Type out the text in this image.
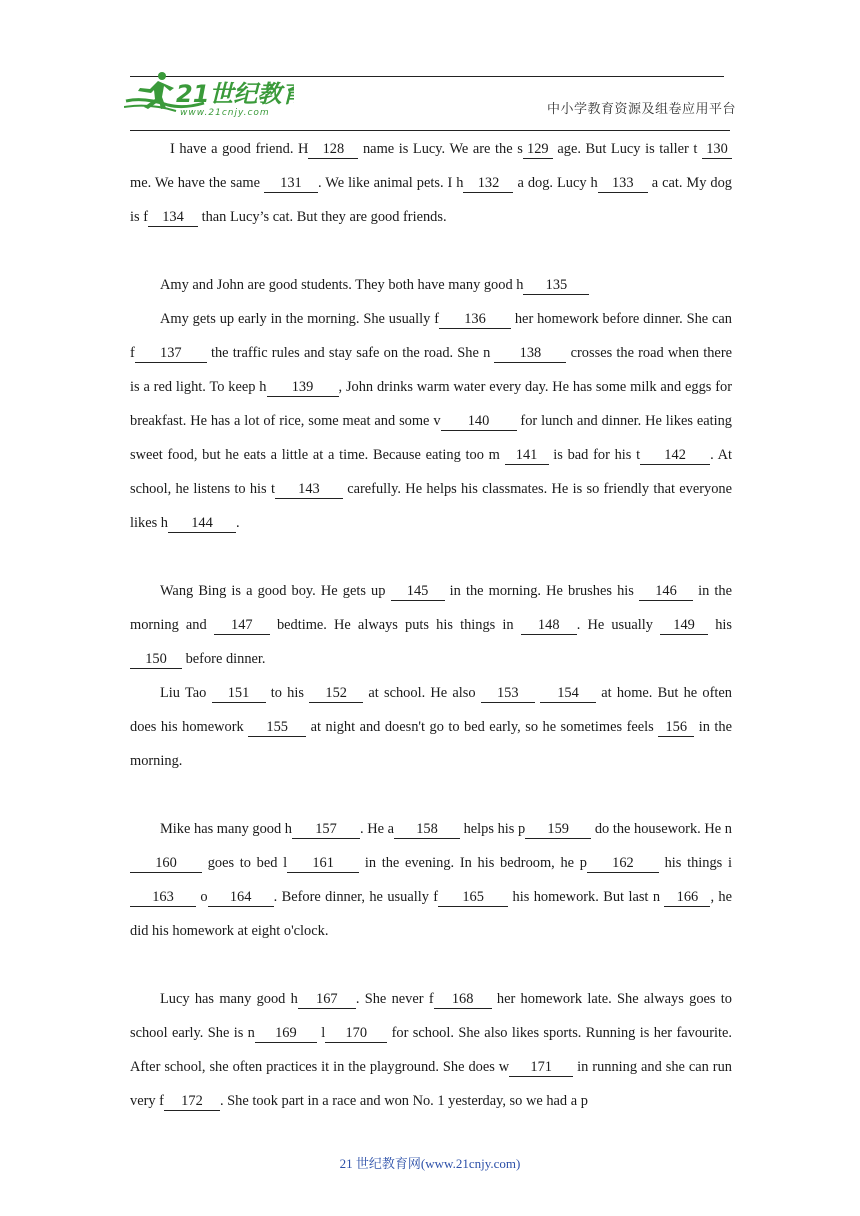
21世纪教育
www.21cnjy.com	中小学教育资源及组卷应用平台

I have a good friend. H 128 name is Lucy. We are the s 129 age. But Lucy is taller t 130 me. We have the same 131 . We like animal pets. I h 132 a dog. Lucy h 133 a cat. My dog is f 134 than Lucy’s cat. But they are good friends.

Amy and John are good students. They both have many good h 135

Amy gets up early in the morning. She usually f 136 her homework before dinner. She can f 137 the traffic rules and stay safe on the road. She n 138 crosses the road when there is a red light. To keep h 139 , John drinks warm water every day. He has some milk and eggs for breakfast. He has a lot of rice, some meat and some v 140 for lunch and dinner. He likes eating sweet food, but he eats a little at a time. Because eating too m 141 is bad for his t 142 . At school, he listens to his t 143 carefully. He helps his classmates. He is so friendly that everyone likes h 144 .

Wang Bing is a good boy. He gets up 145 in the morning. He brushes his 146 in the morning and 147 bedtime. He always puts his things in 148 . He usually 149 his 150 before dinner.

Liu Tao 151 to his 152 at school. He also 153	154 at home. But he often does his homework 155 at night and doesn't go to bed early, so he sometimes feels 156 in the morning.

Mike has many good h 157 . He a 158 helps his p 159 do the housework. He n160 goes to bed l 161 in the evening. In his bedroom, he p 162 his things i163 o 164 . Before dinner, he usually f 165 his homework. But last n 166 , he did his homework at eight o'clock.

Lucy has many good h 167 . She never f 168 her homework late. She always goes to school early. She is n 169 l 170 for school. She also likes sports. Running is her favourite. After school, she often practices it in the playground. She does w 171 in running and she can run very f 172 . She took part in a race and won No. 1 yesterday, so we had a p

21 世纪教育网(www.21cnjy.com)
